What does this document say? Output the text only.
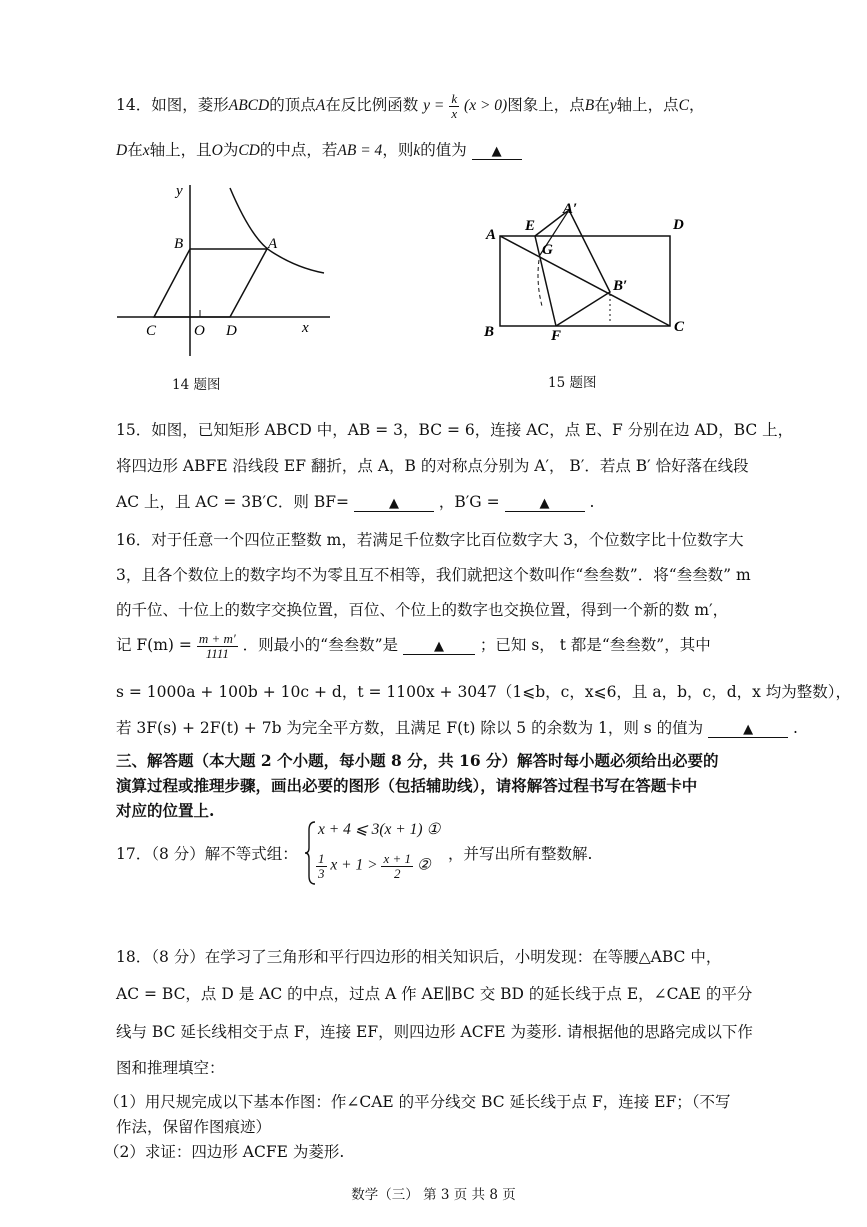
14．如图，菱形ABCD的顶点A在反比例函数 $y = \frac{k}{x} (x > 0)$图象上，点B在y轴上，点C，
D在x轴上，且O为CD的中点，若AB = 4，则k的值为 ▲
y
B	A
C	O D	x
14 题图
A
D
B	C
E
A′
G
B′
F
15 题图
15．如图，已知矩形 ABCD 中，AB = 3，BC = 6，连接 AC，点 E、F 分别在边 AD，BC 上，
将四边形 ABFE 沿线段 EF 翻折，点 A，B 的对称点分别为 A′， B′．若点 B′ 恰好落在线段
AC 上，且 AC = 3B′C．则 BF=	▲	，B′G =	▲	.
16．对于任意一个四位正整数 m，若满足千位数字比百位数字大 3，个位数字比十位数字大
3，且各个数位上的数字均不为零且互不相等，我们就把这个数叫作“叁叁数”．将“叁叁数” m
的千位、十位上的数字交换位置，百位、个位上的数字也交换位置，得到一个新的数 m′，
记 $F(m) = \frac{m + m'}{1111}$ ．则最小的“叁叁数”是	▲ ；已知 s， t 都是“叁叁数”，其中
s = 1000a + 100b + 10c + d，t = 1100x + 3047（1⩽b，c，x⩽6，且 a，b，c，d，x 均为整数），
若 3F(s) + 2F(t) + 7b 为完全平方数，且满足 F(t) 除以 5 的余数为 1，则 s 的值为	▲	.
三、解答题（本大题 2 个小题，每小题 8 分，共 16 分）解答时每小题必须给出必要的
演算过程或推理步骤，画出必要的图形（包括辅助线），请将解答过程书写在答题卡中
对应的位置上.
17．（8 分）解不等式组：
x + 4 ⩽ 3(x + 1) ①
$\frac{1}{3}$ $x + 1 > \frac{x + 1}{2}$ ②
，并写出所有整数解.
18．（8 分）在学习了三角形和平行四边形的相关知识后，小明发现：在等腰△ABC 中，
AC = BC，点 D 是 AC 的中点，过点 A 作 AE∥BC 交 BD 的延长线于点 E，∠CAE 的平分
线与 BC 延长线相交于点 F，连接 EF，则四边形 ACFE 为菱形. 请根据他的思路完成以下作
图和推理填空：
（1）用尺规完成以下基本作图：作∠CAE 的平分线交 BC 延长线于点 F，连接 EF；（不写
作法，保留作图痕迹）
（2）求证：四边形 ACFE 为菱形.
数学（三） 第 3 页 共 8 页
